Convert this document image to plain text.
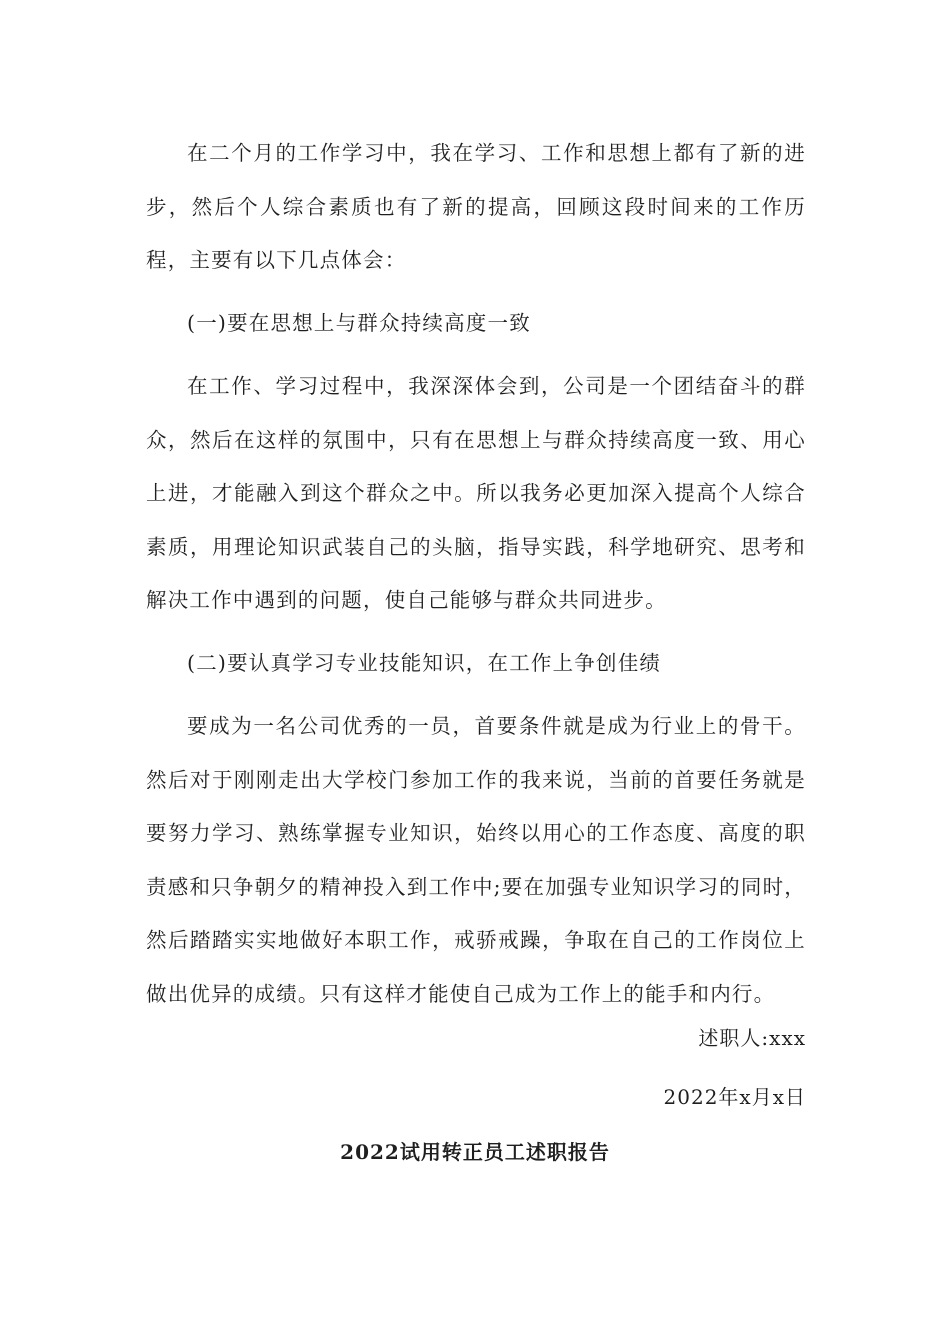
在二个月的工作学习中，我在学习、工作和思想上都有了新的进步，然后个人综合素质也有了新的提高，回顾这段时间来的工作历程，主要有以下几点体会：

(一)要在思想上与群众持续高度一致

在工作、学习过程中，我深深体会到，公司是一个团结奋斗的群众，然后在这样的氛围中，只有在思想上与群众持续高度一致、用心上进，才能融入到这个群众之中。所以我务必更加深入提高个人综合素质，用理论知识武装自己的头脑，指导实践，科学地研究、思考和解决工作中遇到的问题，使自己能够与群众共同进步。

(二)要认真学习专业技能知识，在工作上争创佳绩

要成为一名公司优秀的一员，首要条件就是成为行业上的骨干。然后对于刚刚走出大学校门参加工作的我来说，当前的首要任务就是要努力学习、熟练掌握专业知识，始终以用心的工作态度、高度的职责感和只争朝夕的精神投入到工作中;要在加强专业知识学习的同时，然后踏踏实实地做好本职工作，戒骄戒躁，争取在自己的工作岗位上做出优异的成绩。只有这样才能使自己成为工作上的能手和内行。

述职人:xxx
2022年x月x日
2022试用转正员工述职报告
